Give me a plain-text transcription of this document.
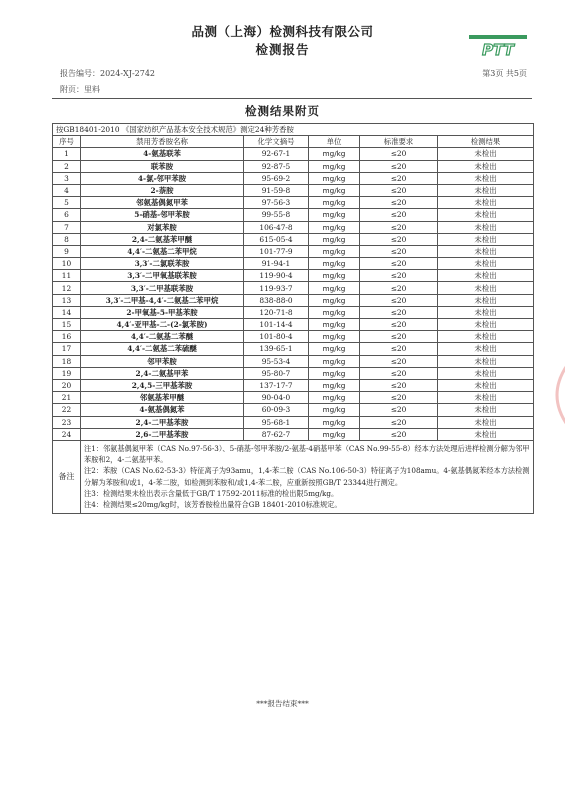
品测（上海）检测科技有限公司
检测报告	PTT
报告编号：2024-XJ-2742	第3页 共5页
附页：里料
检测结果附页
按GB18401-2010 《国家纺织产品基本安全技术规范》测定24种芳香胺					
序号	禁用芳香胺名称	化学文摘号	单位	标准要求	检测结果
1	4-氨基联苯	92-67-1	mg/kg	≤20	未检出
2	联苯胺	92-87-5	mg/kg	≤20	未检出
3	4-氯-邻甲苯胺	95-69-2	mg/kg	≤20	未检出
4	2-萘胺	91-59-8	mg/kg	≤20	未检出
5	邻氨基偶氮甲苯	97-56-3	mg/kg	≤20	未检出
6	5-硝基-邻甲苯胺	99-55-8	mg/kg	≤20	未检出
7	对氯苯胺	106-47-8	mg/kg	≤20	未检出
8	2,4-二氨基苯甲醚	615-05-4	mg/kg	≤20	未检出
9	4,4′-二氨基二苯甲烷	101-77-9	mg/kg	≤20	未检出
10	3,3′-二氯联苯胺	91-94-1	mg/kg	≤20	未检出
11	3,3′-二甲氧基联苯胺	119-90-4	mg/kg	≤20	未检出
12	3,3′-二甲基联苯胺	119-93-7	mg/kg	≤20	未检出
13	3,3′-二甲基-4,4′-二氨基二苯甲烷	838-88-0	mg/kg	≤20	未检出
14	2-甲氧基-5-甲基苯胺	120-71-8	mg/kg	≤20	未检出
15	4,4′-亚甲基-二-(2-氯苯胺)	101-14-4	mg/kg	≤20	未检出
16	4,4′-二氨基二苯醚	101-80-4	mg/kg	≤20	未检出
17	4,4′-二氨基二苯硫醚	139-65-1	mg/kg	≤20	未检出
18	邻甲苯胺	95-53-4	mg/kg	≤20	未检出
19	2,4-二氨基甲苯	95-80-7	mg/kg	≤20	未检出
20	2,4,5-三甲基苯胺	137-17-7	mg/kg	≤20	未检出
21	邻氨基苯甲醚	90-04-0	mg/kg	≤20	未检出
22	4-氨基偶氮苯	60-09-3	mg/kg	≤20	未检出
23	2,4-二甲基苯胺	95-68-1	mg/kg	≤20	未检出
24	2,6-二甲基苯胺	87-62-7	mg/kg	≤20	未检出
备注	注1：邻氨基偶氮甲苯（CAS No.97-56-3）、5-硝基-邻甲苯胺/2-氨基-4硝基甲苯（CAS No.99-55-8）经本方法处理后进样检测分解为邻甲苯胺和2，4-二氨基甲苯。
注2：苯胺（CAS No.62-53-3）特征离子为93amu，1,4-苯二胺（CAS No.106-50-3）特征离子为108amu。4-氨基偶氮苯经本方法检测分解为苯胺和/或1，4-苯二胺，如检测到苯胺和/或1,4-苯二胺，应重新按照GB/T 23344进行测定。
注3：检测结果未检出表示含量低于GB/T 17592-2011标准的检出限5mg/kg。
注4：检测结果≤20mg/kg时，该芳香胺检出量符合GB 18401-2010标准规定。				
***报告结束***
